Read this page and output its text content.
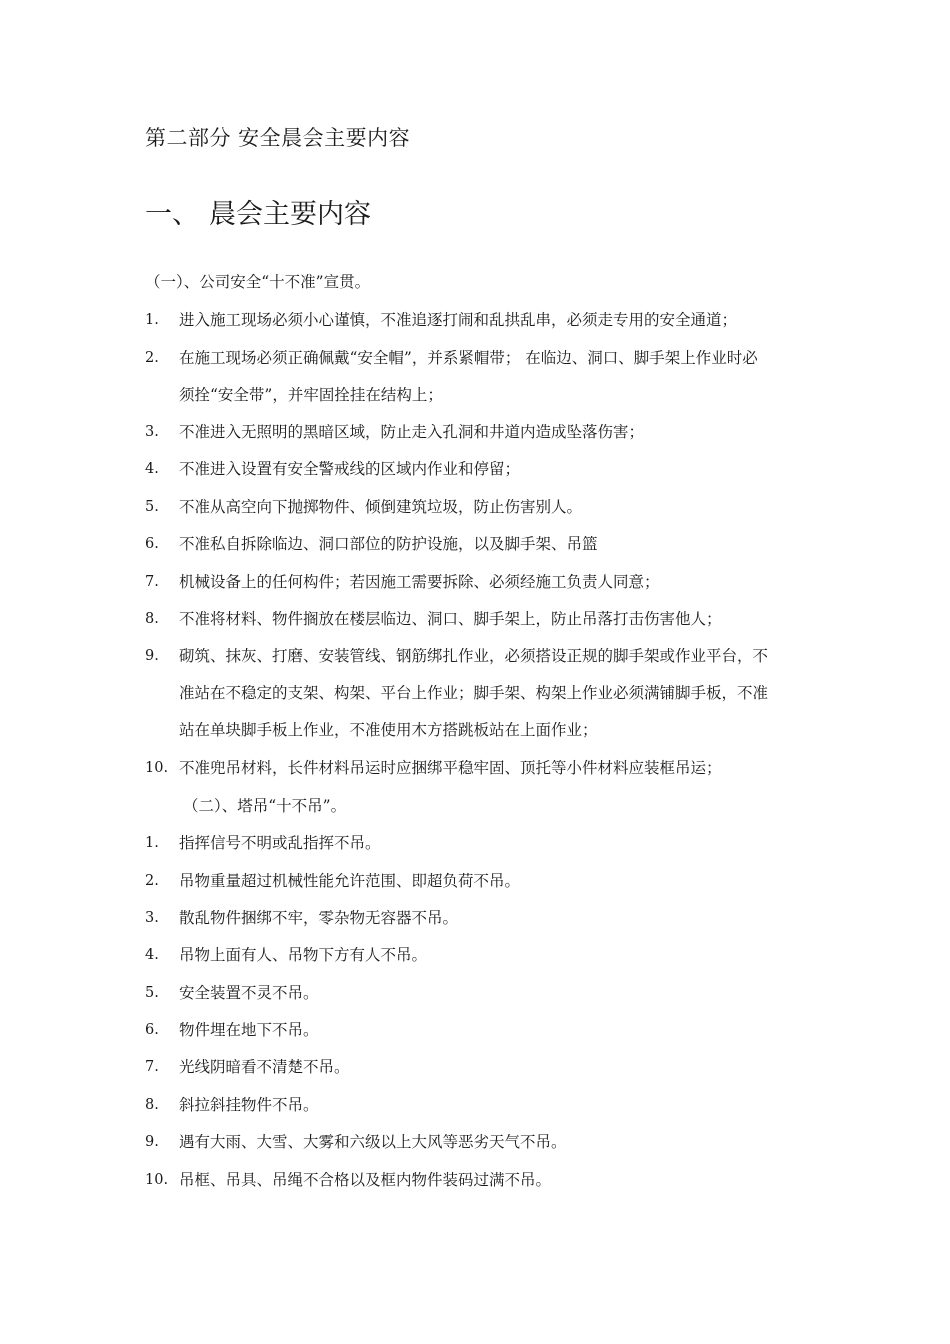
第二部分 安全晨会主要内容
一、 晨会主要内容
（一）、公司安全“十不准”宣贯。
1. 进入施工现场必须小心谨慎，不准追逐打闹和乱拱乱串，必须走专用的安全通道；
2. 在施工现场必须正确佩戴“安全帽”，并系紧帽带； 在临边、洞口、脚手架上作业时必
须拴“安全带”，并牢固拴挂在结构上；
3. 不准进入无照明的黑暗区域，防止走入孔洞和井道内造成坠落伤害；
4. 不准进入设置有安全警戒线的区域内作业和停留；
5. 不准从高空向下抛掷物件、倾倒建筑垃圾，防止伤害别人。
6. 不准私自拆除临边、洞口部位的防护设施，以及脚手架、吊篮
7. 机械设备上的任何构件；若因施工需要拆除、必须经施工负责人同意；
8. 不准将材料、物件搁放在楼层临边、洞口、脚手架上，防止吊落打击伤害他人；
9. 砌筑、抹灰、打磨、安装管线、钢筋绑扎作业，必须搭设正规的脚手架或作业平台，不
准站在不稳定的支架、构架、平台上作业；脚手架、构架上作业必须满铺脚手板，不准
站在单块脚手板上作业，不准使用木方搭跳板站在上面作业；
10. 不准兜吊材料，长件材料吊运时应捆绑平稳牢固、顶托等小件材料应装框吊运；
（二）、塔吊“十不吊”。
1. 指挥信号不明或乱指挥不吊。
2. 吊物重量超过机械性能允许范围、即超负荷不吊。
3. 散乱物件捆绑不牢，零杂物无容器不吊。
4. 吊物上面有人、吊物下方有人不吊。
5. 安全装置不灵不吊。
6. 物件埋在地下不吊。
7. 光线阴暗看不清楚不吊。
8. 斜拉斜挂物件不吊。
9. 遇有大雨、大雪、大雾和六级以上大风等恶劣天气不吊。
10. 吊框、吊具、吊绳不合格以及框内物件装码过满不吊。
